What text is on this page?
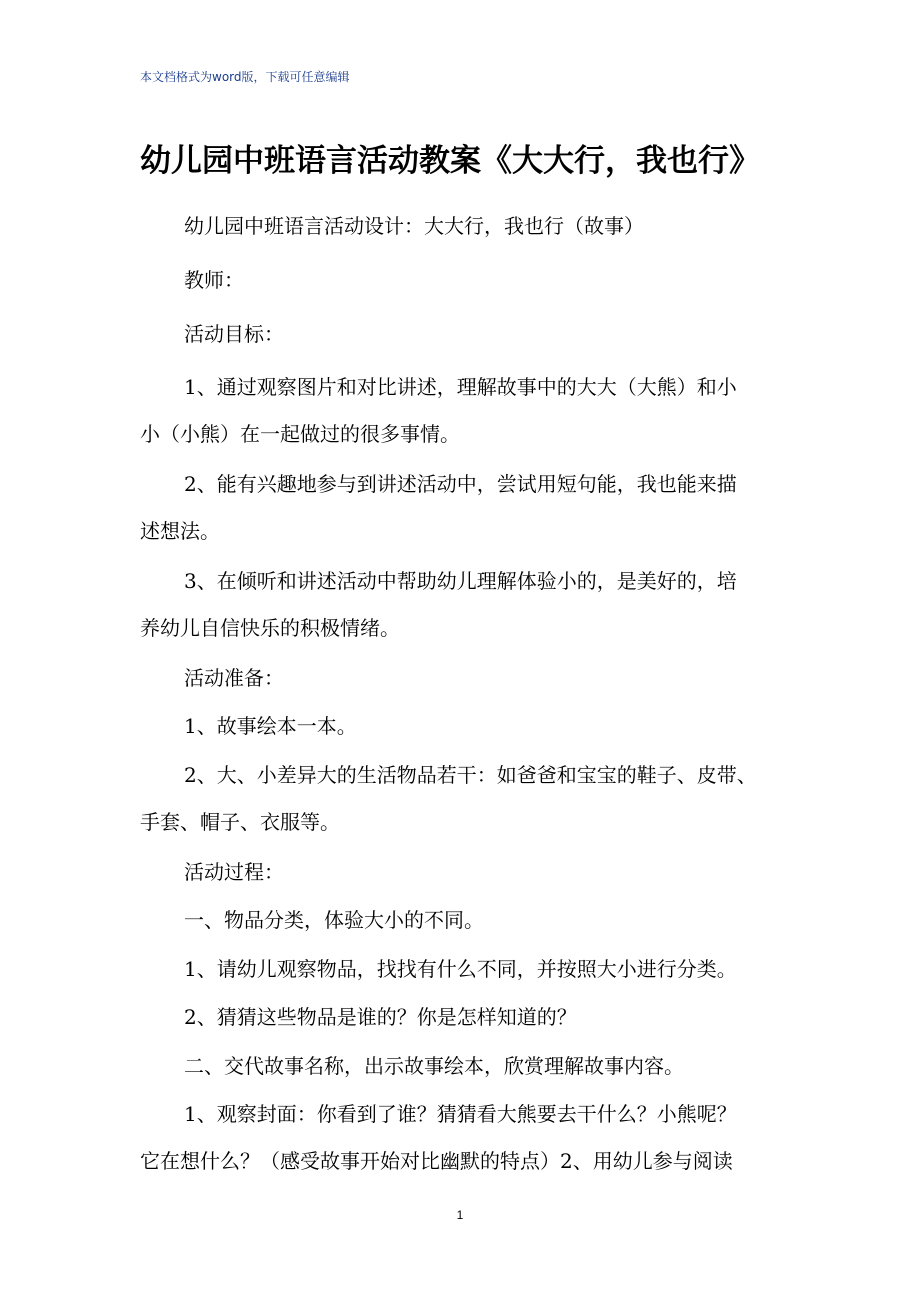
本文档格式为word版，下载可任意编辑
幼儿园中班语言活动教案《大大行，我也行》
幼儿园中班语言活动设计：大大行，我也行（故事）
教师：
活动目标：
1、通过观察图片和对比讲述，理解故事中的大大（大熊）和小
小（小熊）在一起做过的很多事情。
2、能有兴趣地参与到讲述活动中，尝试用短句能，我也能来描
述想法。
3、在倾听和讲述活动中帮助幼儿理解体验小的，是美好的，培
养幼儿自信快乐的积极情绪。
活动准备：
1、故事绘本一本。
2、大、小差异大的生活物品若干：如爸爸和宝宝的鞋子、皮带、
手套、帽子、衣服等。
活动过程：
一、物品分类，体验大小的不同。
1、请幼儿观察物品，找找有什么不同，并按照大小进行分类。
2、猜猜这些物品是谁的？你是怎样知道的？
二、交代故事名称，出示故事绘本，欣赏理解故事内容。
1、观察封面：你看到了谁？猜猜看大熊要去干什么？小熊呢？
它在想什么？（感受故事开始对比幽默的特点）2、用幼儿参与阅读
1
